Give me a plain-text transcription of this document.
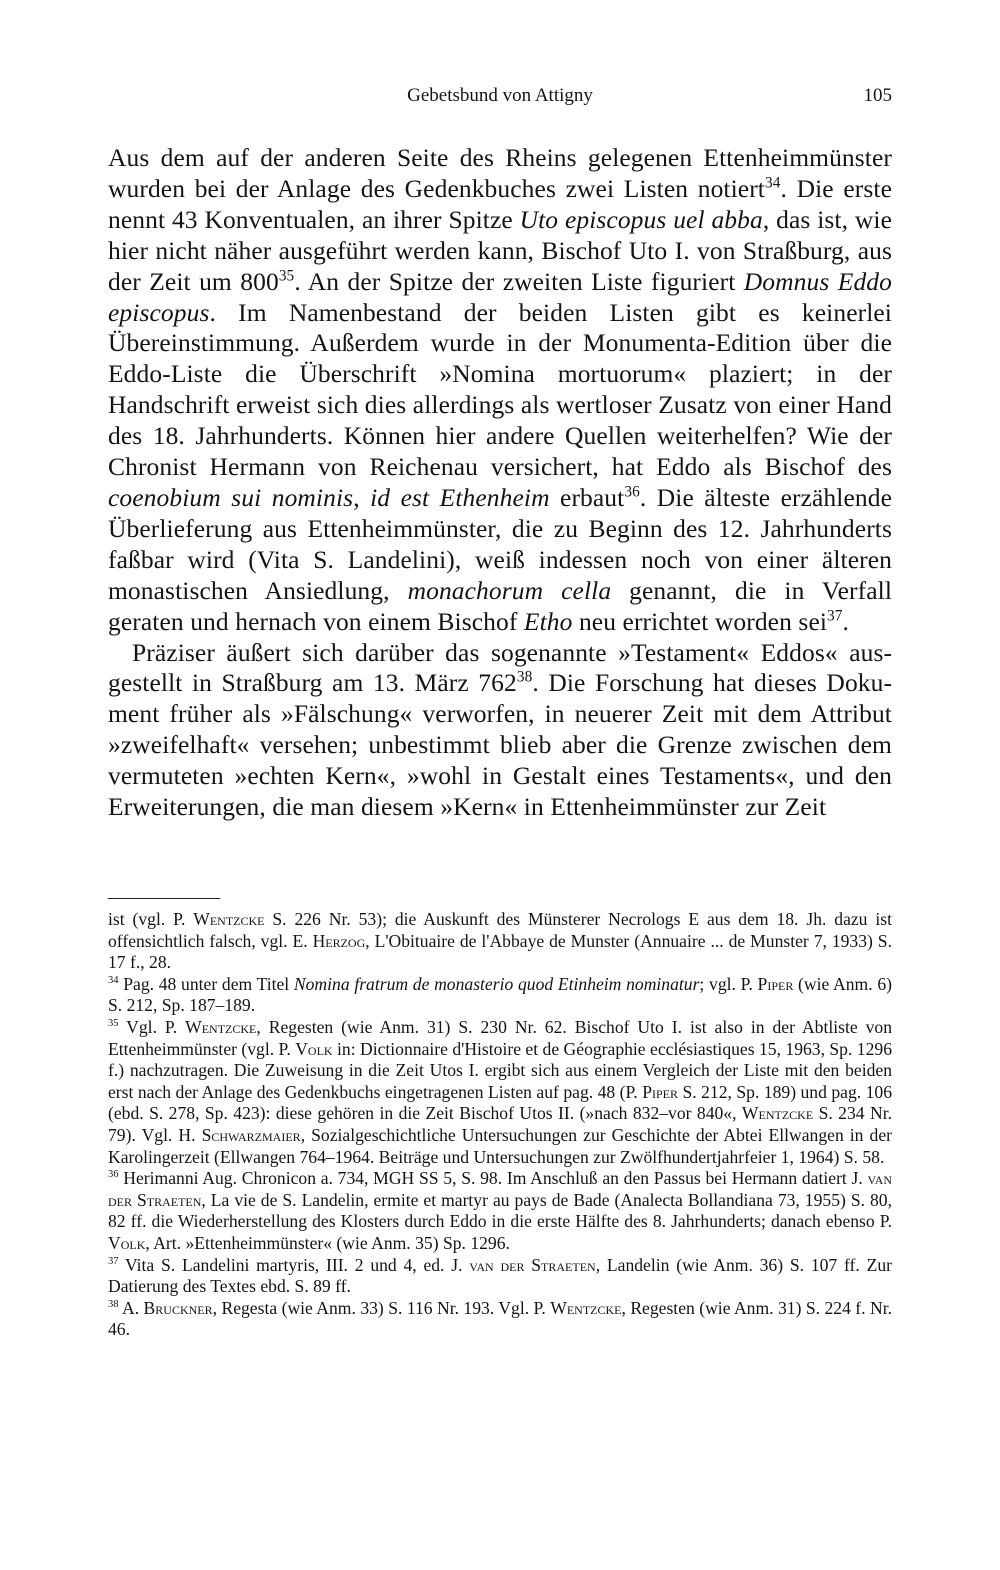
Gebetsbund von Attigny	105

Aus dem auf der anderen Seite des Rheins gelegenen Ettenheimmünster wurden bei der Anlage des Gedenkbuches zwei Listen notiert$^{34}$. Die erste nennt 43 Konventualen, an ihrer Spitze Uto episcopus uel abba, das ist, wie hier nicht näher ausgeführt werden kann, Bischof Uto I. von Straßburg, aus der Zeit um $800^{35}$. An der Spitze der zweiten Liste figuriert Domnus Eddo episcopus. Im Namenbestand der beiden Listen gibt es keinerlei Übereinstimmung. Außerdem wurde in der Monumenta-Edition über die Eddo-Liste die Überschrift »Nomina mortuorum« plaziert; in der Handschrift erweist sich dies allerdings als wertloser Zusatz von einer Hand des 18. Jahrhunderts. Können hier andere Quellen weiterhelfen? Wie der Chronist Hermann von Reichenau versichert, hat Eddo als Bischof des coenobium sui nominis, id est Ethenheim erbaut$^{36}$. Die älteste erzählende Überlieferung aus Ettenheimmünster, die zu Beginn des 12. Jahrhunderts faßbar wird (Vita S. Landelini), weiß indessen noch von einer älteren monastischen Ansiedlung, monachorum cella genannt, die in Verfall geraten und hernach von einem Bischof Etho neu errichtet worden sei$^{37}$.

Präziser äußert sich darüber das sogenannte »Testament« Eddos« ausgestellt in Straßburg am 13. März $762^{38}$. Die Forschung hat dieses Dokument früher als »Fälschung« verworfen, in neuerer Zeit mit dem Attribut »zweifelhaft« versehen; unbestimmt blieb aber die Grenze zwischen dem vermuteten »echten Kern«, »wohl in Gestalt eines Testaments«, und den Erweiterungen, die man diesem »Kern« in Ettenheimmünster zur Zeit

ist (vgl. P. Wentzcke S. 226 Nr. 53); die Auskunft des Münsterer Necrologs E aus dem 18. Jh. dazu ist offensichtlich falsch, vgl. E. Herzog, L'Obituaire de l'Abbaye de Munster (Annuaire ... de Munster 7, 1933) S. 17 f., 28.

$^{34}$ Pag. 48 unter dem Titel Nomina fratrum de monasterio quod Etinheim nominatur; vgl. P. Piper (wie Anm. 6) S. 212, Sp. 187–189.

$^{35}$ Vgl. P. Wentzcke, Regesten (wie Anm. 31) S. 230 Nr. 62. Bischof Uto I. ist also in der Abtliste von Ettenheimmünster (vgl. P. Volk in: Dictionnaire d'Histoire et de Géographie ecclésiastiques 15, 1963, Sp. 1296 f.) nachzutragen. Die Zuweisung in die Zeit Utos I. ergibt sich aus einem Vergleich der Liste mit den beiden erst nach der Anlage des Gedenkbuchs eingetragenen Listen auf pag. 48 (P. Piper S. 212, Sp. 189) und pag. 106 (ebd. S. 278, Sp. 423): diese gehören in die Zeit Bischof Utos II. (»nach 832–vor 840«, Wentzcke S. 234 Nr. 79). Vgl. H. Schwarzmaier, Sozialgeschichtliche Untersuchungen zur Geschichte der Abtei Ellwangen in der Karolingerzeit (Ellwangen 764–1964. Beiträge und Untersuchungen zur Zwölfhundertjahrfeier 1, 1964) S. 58.

$^{36}$ Herimanni Aug. Chronicon a. 734, MGH SS 5, S. 98. Im Anschluß an den Passus bei Hermann datiert J. van der Straeten, La vie de S. Landelin, ermite et martyr au pays de Bade (Analecta Bollandiana 73, 1955) S. 80, 82 ff. die Wiederherstellung des Klosters durch Eddo in die erste Hälfte des 8. Jahrhunderts; danach ebenso P. Volk, Art. »Ettenheimmünster« (wie Anm. 35) Sp. 1296.

$^{37}$ Vita S. Landelini martyris, III. 2 und 4, ed. J. van der Straeten, Landelin (wie Anm. 36) S. 107 ff. Zur Datierung des Textes ebd. S. 89 ff.

$^{38}$ A. Bruckner, Regesta (wie Anm. 33) S. 116 Nr. 193. Vgl. P. Wentzcke, Regesten (wie Anm. 31) S. 224 f. Nr. 46.
